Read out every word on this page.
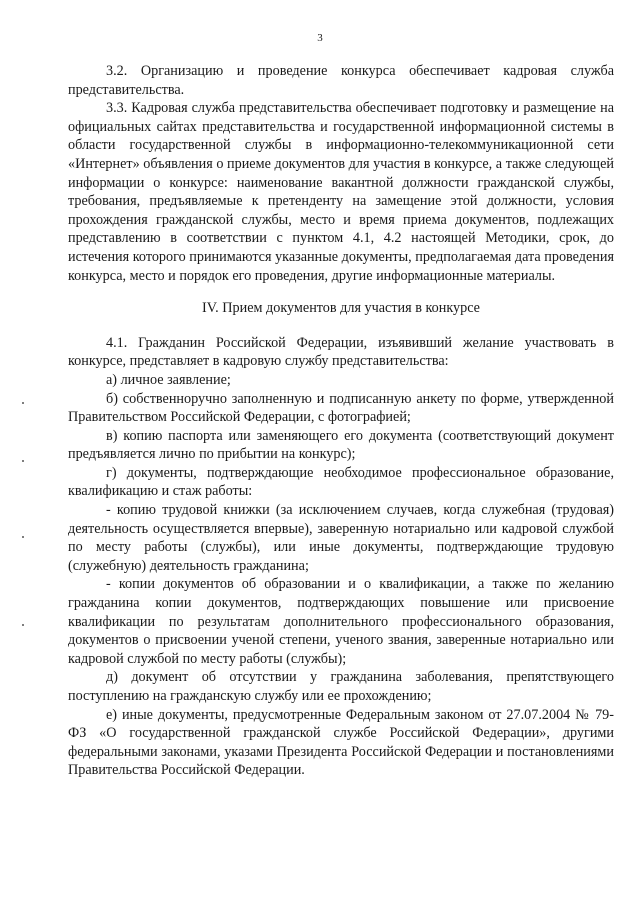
3

3.2. Организацию и проведение конкурса обеспечивает кадровая служба представительства.

3.3. Кадровая служба представительства обеспечивает подготовку и размещение на официальных сайтах представительства и государственной информационной системы в области государственной службы в информационно-телекоммуникационной сети «Интернет» объявления о приеме документов для участия в конкурсе, а также следующей информации о конкурсе: наименование вакантной должности гражданской службы, требования, предъявляемые к претенденту на замещение этой должности, условия прохождения гражданской службы, место и время приема документов, подлежащих представлению в соответствии с пунктом 4.1, 4.2 настоящей Методики, срок, до истечения которого принимаются указанные документы, предполагаемая дата проведения конкурса, место и порядок его проведения, другие информационные материалы.

IV. Прием документов для участия в конкурсе

4.1. Гражданин Российской Федерации, изъявивший желание участвовать в конкурсе, представляет в кадровую службу представительства:

а) личное заявление;

б) собственноручно заполненную и подписанную анкету по форме, утвержденной Правительством Российской Федерации, с фотографией;

в) копию паспорта или заменяющего его документа (соответствующий документ предъявляется лично по прибытии на конкурс);

г) документы, подтверждающие необходимое профессиональное образование, квалификацию и стаж работы:

- копию трудовой книжки (за исключением случаев, когда служебная (трудовая) деятельность осуществляется впервые), заверенную нотариально или кадровой службой по месту работы (службы), или иные документы, подтверждающие трудовую (служебную) деятельность гражданина;

- копии документов об образовании и о квалификации, а также по желанию гражданина копии документов, подтверждающих повышение или присвоение квалификации по результатам дополнительного профессионального образования, документов о присвоении ученой степени, ученого звания, заверенные нотариально или кадровой службой по месту работы (службы);

д) документ об отсутствии у гражданина заболевания, препятствующего поступлению на гражданскую службу или ее прохождению;

е) иные документы, предусмотренные Федеральным законом от 27.07.2004 № 79-ФЗ «О государственной гражданской службе Российской Федерации», другими федеральными законами, указами Президента Российской Федерации и постановлениями Правительства Российской Федерации.
